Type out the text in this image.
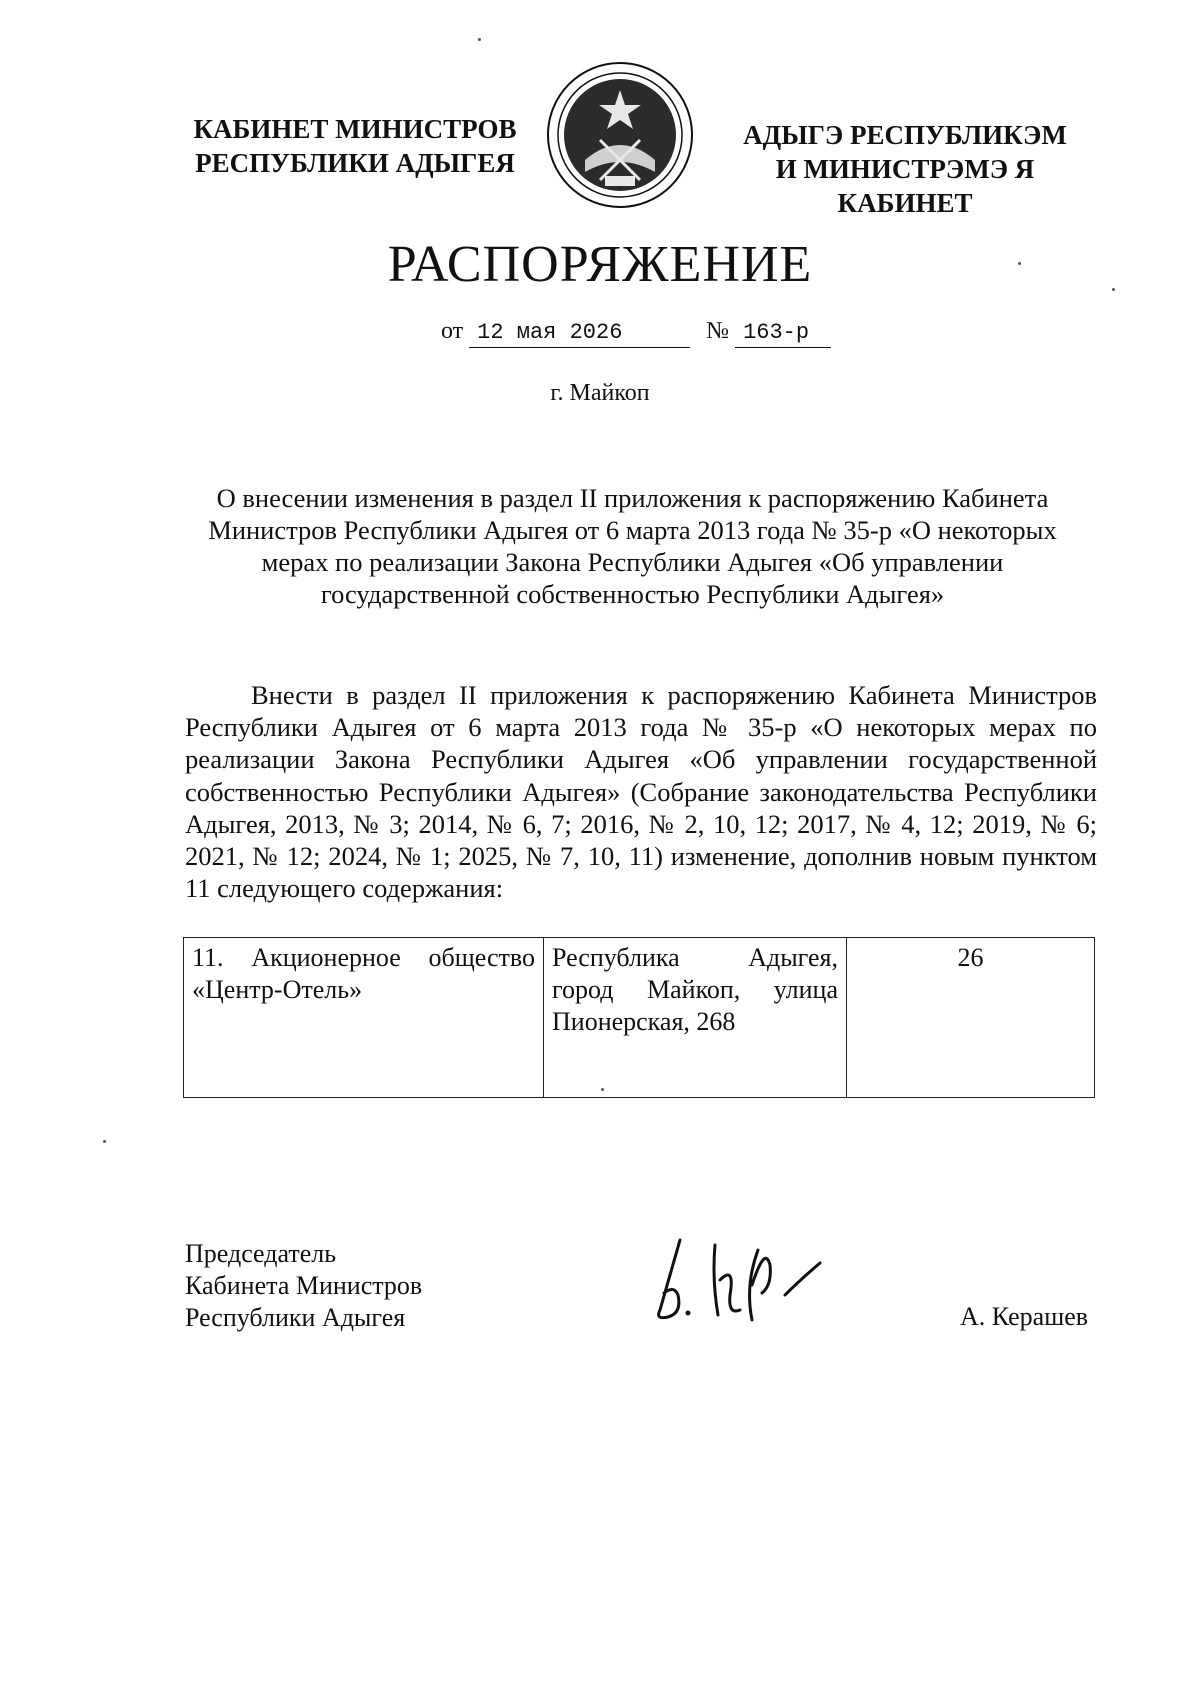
КАБИНЕТ МИНИСТРОВ
РЕСПУБЛИКИ АДЫГЕЯ
АДЫГЭ РЕСПУБЛИКЭМ
И МИНИСТРЭМЭ Я КАБИНЕТ
РАСПОРЯЖЕНИЕ
от 12 мая 2026	№ 163-р
г. Майкоп
О внесении изменения в раздел II приложения к распоряжению Кабинета
Министров Республики Адыгея от 6 марта 2013 года № 35-р «О некоторых
мерах по реализации Закона Республики Адыгея «Об управлении
государственной собственностью Республики Адыгея»
Внести в раздел II приложения к распоряжению Кабинета Министров Республики Адыгея от 6 марта 2013 года № 35-р «О некоторых мерах по реализации Закона Республики Адыгея «Об управлении государственной собственностью Республики Адыгея» (Собрание законодательства Республики Адыгея, 2013, № 3; 2014, № 6, 7; 2016, № 2, 10, 12; 2017, № 4, 12; 2019, № 6; 2021, № 12; 2024, № 1; 2025, № 7, 10, 11) изменение, дополнив новым пунктом 11 следующего содержания:
11. Акционерное общество «Центр-Отель»	Республика Адыгея, город Майкоп, улица Пионерская, 268	26
Председатель
Кабинета Министров
Республики Адыгея	А. Керашев
